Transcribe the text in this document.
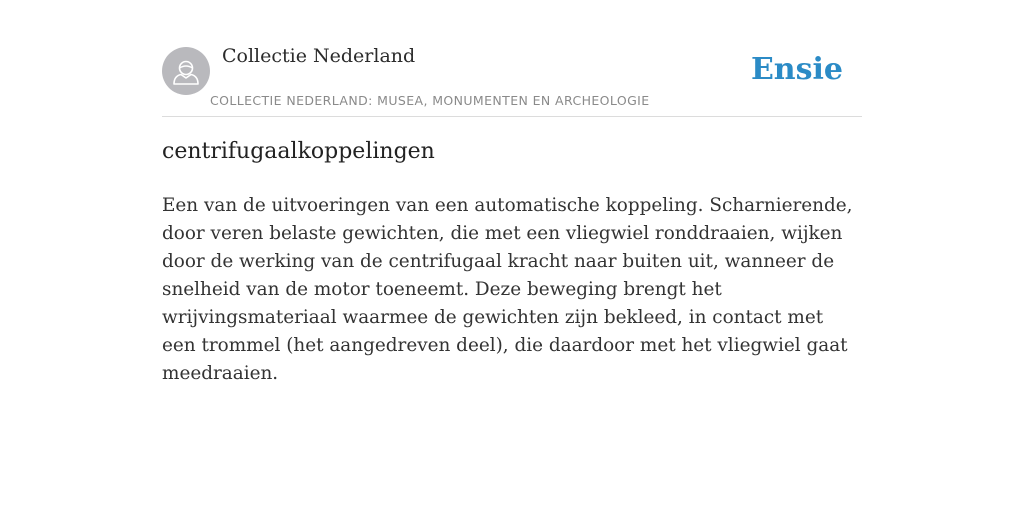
Collectie Nederland
COLLECTIE NEDERLAND: MUSEA, MONUMENTEN EN ARCHEOLOGIE
Ensie
centrifugaalkoppelingen

Een van de uitvoeringen van een automatische koppeling. Scharnierende, door veren belaste gewichten, die met een vliegwiel ronddraaien, wijken door de werking van de centrifugaal kracht naar buiten uit, wanneer de snelheid van de motor toeneemt. Deze beweging brengt het wrijvingsmateriaal waarmee de gewichten zijn bekleed, in contact met een trommel (het aangedreven deel), die daardoor met het vliegwiel gaat meedraaien.
